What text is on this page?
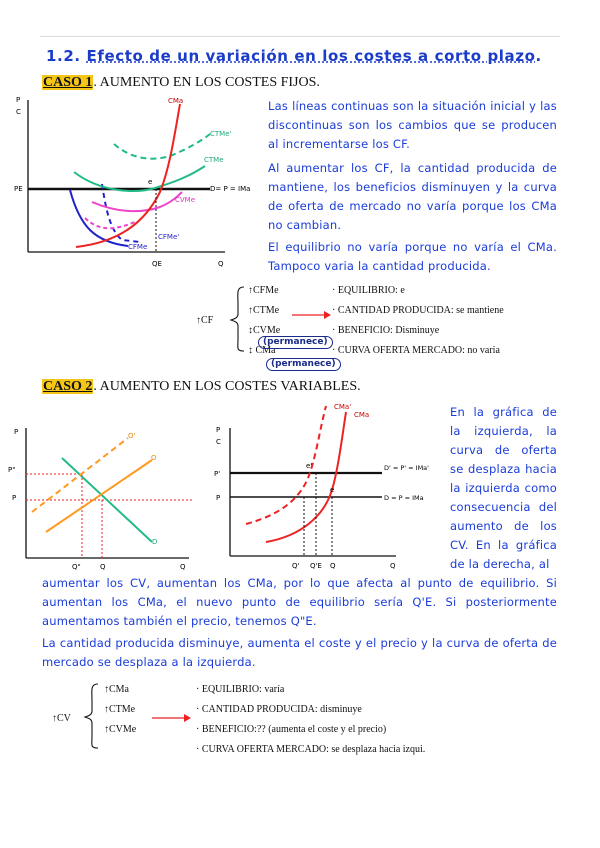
1.2. Efecto de un variación en los costes a corto plazo.
CASO 1. AUMENTO EN LOS COSTES FIJOS.
P
C
Q
PE
QE
D= P = IMa
CMa
CTMe'
CTMe
CVMe
CFMe'
CFMe
e
Las líneas continuas son la situación inicial y las discontinuas son los cambios que se producen al incrementarse los CF.
Al aumentar los CF, la cantidad producida de mantiene, los beneficios disminuyen y la curva de oferta de mercado no varía porque los CMa no cambian.
El equilibrio no varía porque no varía el CMa. Tampoco varia la cantidad producida.
↑CF
↑CFMe
↑CTMe
↕CVMe
↕ CMa
· EQUILIBRIO: e
· CANTIDAD PRODUCIDA: se mantiene
· BENEFICIO: Disminuye
· CURVA OFERTA MERCADO: no varia
(permanece)
(permanece)
CASO 2. AUMENTO EN LOS COSTES VARIABLES.
P
P"
P
Q
Q"	Q
O'
O
D
P
C
P'
P
Q
D' = P' = IMa'
D = P = IMa
e'
e
CMa'
CMa
Q' Q'E Q
En la gráfica de la izquierda, la curva de oferta se desplaza hacia la izquierda como consecuencia del aumento de los CV. En la gráfica de la derecha, al
aumentar los CV, aumentan los CMa, por lo que afecta al punto de equilibrio. Si aumentan los CMa, el nuevo punto de equilibrio sería Q'E. Si posteriormente aumentamos también el precio, tenemos Q"E.
La cantidad producida disminuye, aumenta el coste y el precio y la curva de oferta de mercado se desplaza a la izquierda.
↑CV
↑CMa
↑CTMe
↑CVMe
· EQUILIBRIO: varía
· CANTIDAD PRODUCIDA: disminuye
· BENEFICIO:?? (aumenta el coste y el precio)
· CURVA OFERTA MERCADO: se desplaza hacia izqui.
